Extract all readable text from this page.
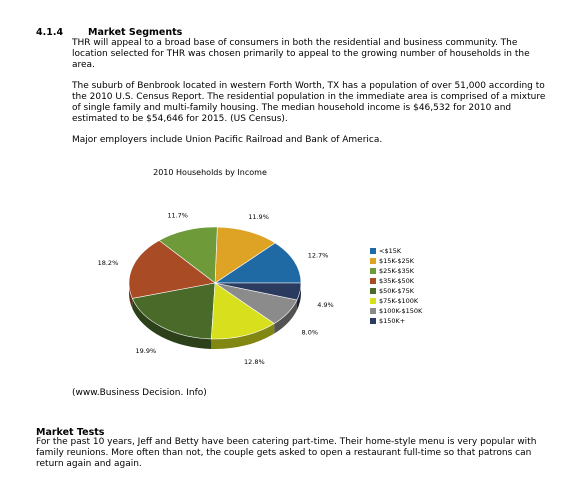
4.1.4	Market Segments

THR will appeal to a broad base of consumers in both the residential and business community. The location selected for THR was chosen primarily to appeal to the growing number of households in the area.

The suburb of Benbrook located in western Forth Worth, TX has a population of over 51,000 according to the 2010 U.S. Census Report. The residential population in the immediate area is comprised of a mixture of single family and multi-family housing. The median household income is $46,532 for 2010 and estimated to be $54,646 for 2015. (US Census).

Major employers include Union Pacific Railroad and Bank of America.

2010 Households by Income
12.7%
11.9%
11.7%
18.2%
19.9%
12.8%
8.0%
4.9%
<$15K
$15K-$25K
$25K-$35K
$35K-$50K
$50K-$75K
$75K-$100K
$100K-$150K
$150K+
(www.Business Decision. Info)
Market Tests

For the past 10 years, Jeff and Betty have been catering part-time. Their home-style menu is very popular with family reunions. More often than not, the couple gets asked to open a restaurant full-time so that patrons can return again and again.
